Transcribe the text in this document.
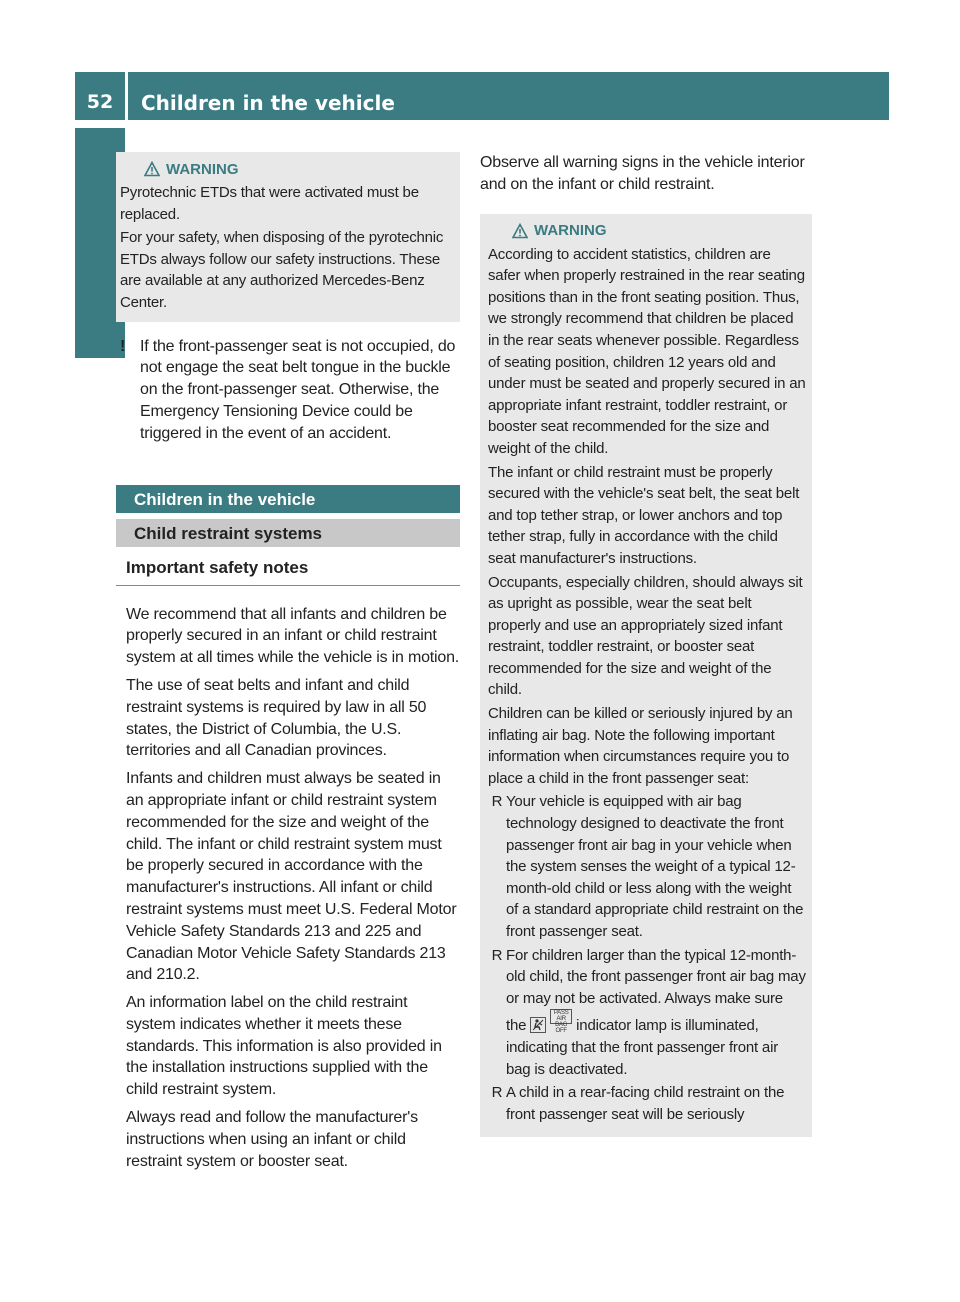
52	Children in the vehicle
Safety
WARNING

Pyrotechnic ETDs that were activated must be replaced.

For your safety, when disposing of the pyrotechnic ETDs always follow our safety instructions. These are available at any authorized Mercedes-Benz Center.

! If the front-passenger seat is not occupied, do not engage the seat belt tongue in the buckle on the front-passenger seat. Otherwise, the Emergency Tensioning Device could be triggered in the event of an accident.
Children in the vehicle
Child restraint systems
Important safety notes

We recommend that all infants and children be properly secured in an infant or child restraint system at all times while the vehicle is in motion.

The use of seat belts and infant and child restraint systems is required by law in all 50 states, the District of Columbia, the U.S. territories and all Canadian provinces.

Infants and children must always be seated in an appropriate infant or child restraint system recommended for the size and weight of the child. The infant or child restraint system must be properly secured in accordance with the manufacturer's instructions. All infant or child restraint systems must meet U.S. Federal Motor Vehicle Safety Standards 213 and 225 and Canadian Motor Vehicle Safety Standards 213 and 210.2.

An information label on the child restraint system indicates whether it meets these standards. This information is also provided in the installation instructions supplied with the child restraint system.

Always read and follow the manufacturer's instructions when using an infant or child restraint system or booster seat.

Observe all warning signs in the vehicle interior and on the infant or child restraint.

WARNING

According to accident statistics, children are safer when properly restrained in the rear seating positions than in the front seating position. Thus, we strongly recommend that children be placed in the rear seats whenever possible. Regardless of seating position, children 12 years old and under must be seated and properly secured in an appropriate infant restraint, toddler restraint, or booster seat recommended for the size and weight of the child.

The infant or child restraint must be properly secured with the vehicle's seat belt, the seat belt and top tether strap, or lower anchors and top tether strap, fully in accordance with the child seat manufacturer's instructions.

Occupants, especially children, should always sit as upright as possible, wear the seat belt properly and use an appropriately sized infant restraint, toddler restraint, or booster seat recommended for the size and weight of the child.

Children can be killed or seriously injured by an inflating air bag. Note the following important information when circumstances require you to place a child in the front passenger seat:

R Your vehicle is equipped with air bag technology designed to deactivate the front passenger front air bag in your vehicle when the system senses the weight of a typical 12-month-old child or less along with the weight of a standard appropriate child restraint on the front passenger seat.
R For children larger than the typical 12-month-old child, the front passenger front air bag may or may not be activated. Always make sure the  PASS AIR BAG OFF indicator lamp is illuminated, indicating that the front passenger front air bag is deactivated.
R A child in a rear-facing child restraint on the front passenger seat will be seriously
